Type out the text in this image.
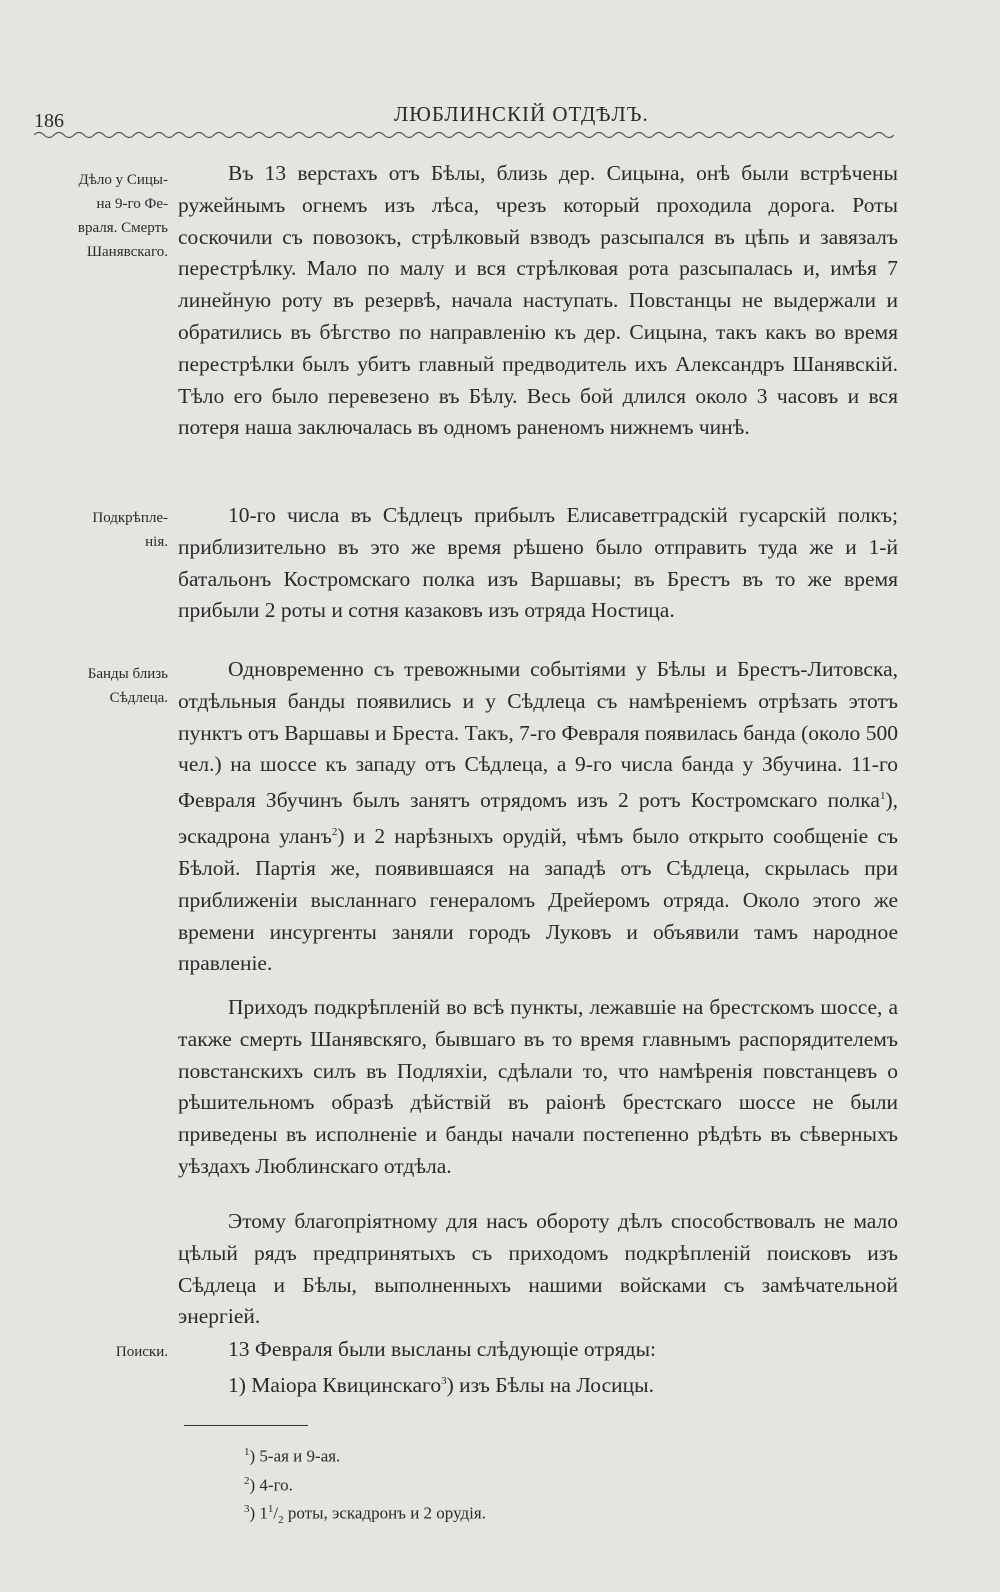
186	ЛЮБЛИНСКІЙ ОТДѢЛЪ.
Дѣло у Сицы-
на 9-го Фе-
враля. Смерть
Шанявскаго.
Подкрѣпле-
нія.
Банды близь
Сѣдлеца.
Поиски.

Въ 13 верстахъ отъ Бѣлы, близь дер. Сицына, онѣ были встрѣчены ружейнымъ огнемъ изъ лѣса, чрезъ который проходила дорога. Роты соскочили съ повозокъ, стрѣлковый взводъ разсыпался въ цѣпь и завязалъ перестрѣлку. Мало по малу и вся стрѣлковая рота разсыпалась и, имѣя 7 линейную роту въ резервѣ, начала наступать. Повстанцы не выдержали и обратились въ бѣгство по направленію къ дер. Сицына, такъ какъ во время перестрѣлки былъ убитъ главный предводитель ихъ Александръ Шанявскій. Тѣло его было перевезено въ Бѣлу. Весь бой длился около 3 часовъ и вся потеря наша заключалась въ одномъ раненомъ нижнемъ чинѣ.

10-го числа въ Сѣдлецъ прибылъ Елисаветградскій гусарскій полкъ; приблизительно въ это же время рѣшено было отправить туда же и 1-й батальонъ Костромскаго полка изъ Варшавы; въ Брестъ въ то же время прибыли 2 роты и сотня казаковъ изъ отряда Ностица.

Одновременно съ тревожными событіями у Бѣлы и Брестъ-Литовска, отдѣльныя банды появились и у Сѣдлеца съ намѣреніемъ отрѣзать этотъ пунктъ отъ Варшавы и Бреста. Такъ, 7-го Февраля появилась банда (около 500 чел.) на шоссе къ западу отъ Сѣдлеца, а 9-го числа банда у Збучина. 11-го Февраля Збучинъ былъ занятъ отрядомъ изъ 2 ротъ Костромскаго полка$^1$), эскадрона уланъ$^2$) и 2 нарѣзныхъ орудій, чѣмъ было открыто сообщеніе съ Бѣлой. Партія же, появившаяся на западѣ отъ Сѣдлеца, скрылась при приближеніи высланнаго генераломъ Дрейеромъ отряда. Около этого же времени инсургенты заняли городъ Луковъ и объявили тамъ народное правленіе.

Приходъ подкрѣпленій во всѣ пункты, лежавшіе на брестскомъ шоссе, а также смерть Шанявскяго, бывшаго въ то время главнымъ распорядителемъ повстанскихъ силъ въ Подляхіи, сдѣлали то, что намѣренія повстанцевъ о рѣшительномъ образѣ дѣйствій въ раіонѣ брестскаго шоссе не были приведены въ исполненіе и банды начали постепенно рѣдѣть въ сѣверныхъ уѣздахъ Люблинскаго отдѣла.

Этому благопріятному для насъ обороту дѣлъ способствовалъ не мало цѣлый рядъ предпринятыхъ съ приходомъ подкрѣпленій поисковъ изъ Сѣдлеца и Бѣлы, выполненныхъ нашими войсками съ замѣчательной энергіей.

13 Февраля были высланы слѣдующіе отряды:

1) Маіора Квицинскаго$^3$) изъ Бѣлы на Лосицы.

$^1$) 5-ая и 9-ая.
$^2$) 4-го.
$^3$) $1^1/_2$ роты, эскадронъ и 2 орудія.
